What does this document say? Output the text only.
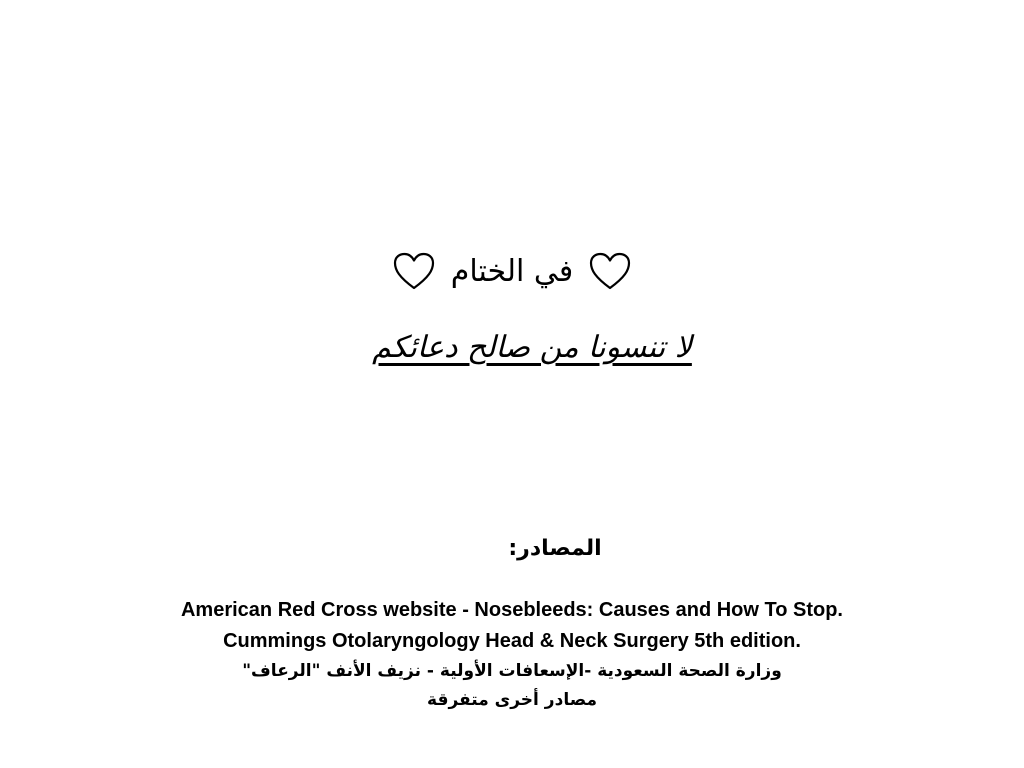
في الختام
لا تنسونا من صالح دعائكم
المصادر:
American Red Cross website - Nosebleeds: Causes and How To Stop.
Cummings Otolaryngology Head & Neck Surgery 5th edition.
وزارة الصحة السعودية -الإسعافات الأولية - نزيف الأنف "الرعاف"
مصادر أخرى متفرقة
